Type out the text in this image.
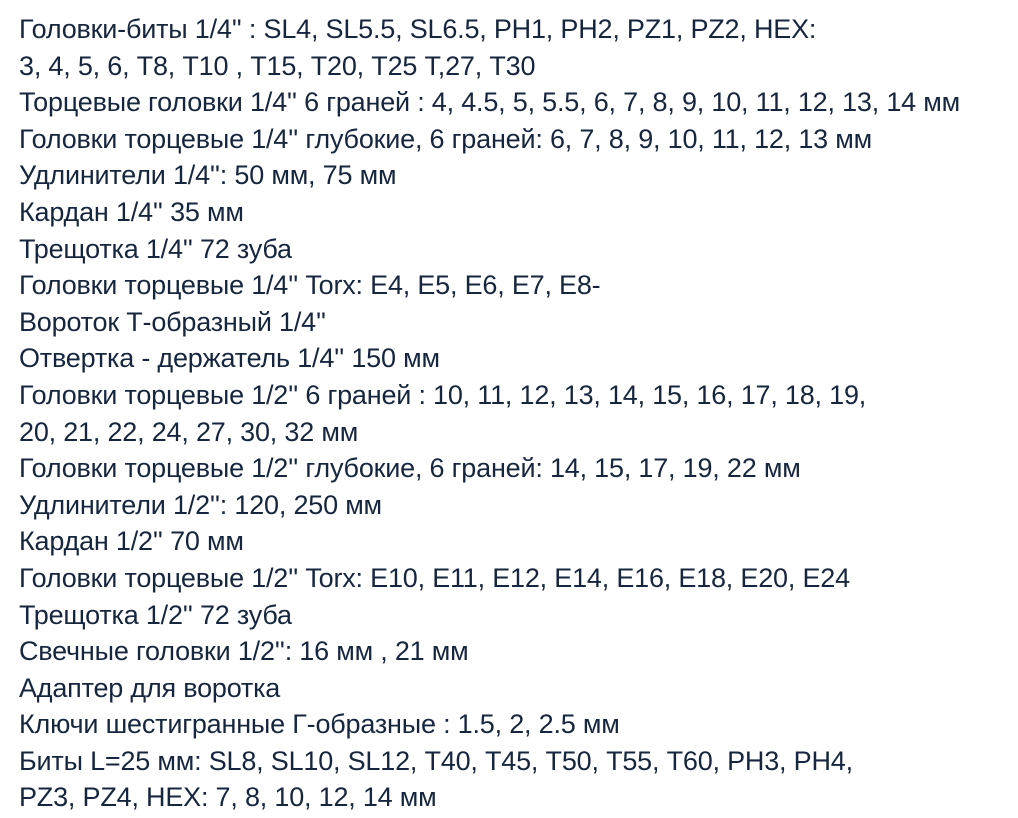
Головки-биты 1/4'' : SL4, SL5.5, SL6.5, PH1, PH2, PZ1, PZ2, HEX:
3, 4, 5, 6, Т8, Т10 , Т15, Т20, Т25 Т,27, Т30
Торцевые головки 1/4'' 6 граней : 4, 4.5, 5, 5.5, 6, 7, 8, 9, 10, 11, 12, 13, 14 мм
Головки торцевые 1/4'' глубокие, 6 граней: 6, 7, 8, 9, 10, 11, 12, 13 мм
Удлинители 1/4'': 50 мм, 75 мм
Кардан 1/4'' 35 мм
Трещотка 1/4'' 72 зуба
Головки торцевые 1/4'' Torx: Е4, Е5, Е6, Е7, Е8-
Вороток Т-образный 1/4''
Отвертка - держатель 1/4'' 150 мм
Головки торцевые 1/2'' 6 граней : 10, 11, 12, 13, 14, 15, 16, 17, 18, 19,
20, 21, 22, 24, 27, 30, 32 мм
Головки торцевые 1/2'' глубокие, 6 граней: 14, 15, 17, 19, 22 мм
Удлинители 1/2'': 120, 250 мм
Кардан 1/2'' 70 мм
Головки торцевые 1/2'' Torx: Е10, Е11, Е12, Е14, Е16, Е18, Е20, Е24
Трещотка 1/2'' 72 зуба
Свечные головки 1/2'': 16 мм , 21 мм
Адаптер для воротка
Ключи шестигранные Г-образные : 1.5, 2, 2.5 мм
Биты L=25 мм: SL8, SL10, SL12, Т40, Т45, Т50, Т55, Т60, РН3, РН4,
PZ3, PZ4, HEX: 7, 8, 10, 12, 14 мм
